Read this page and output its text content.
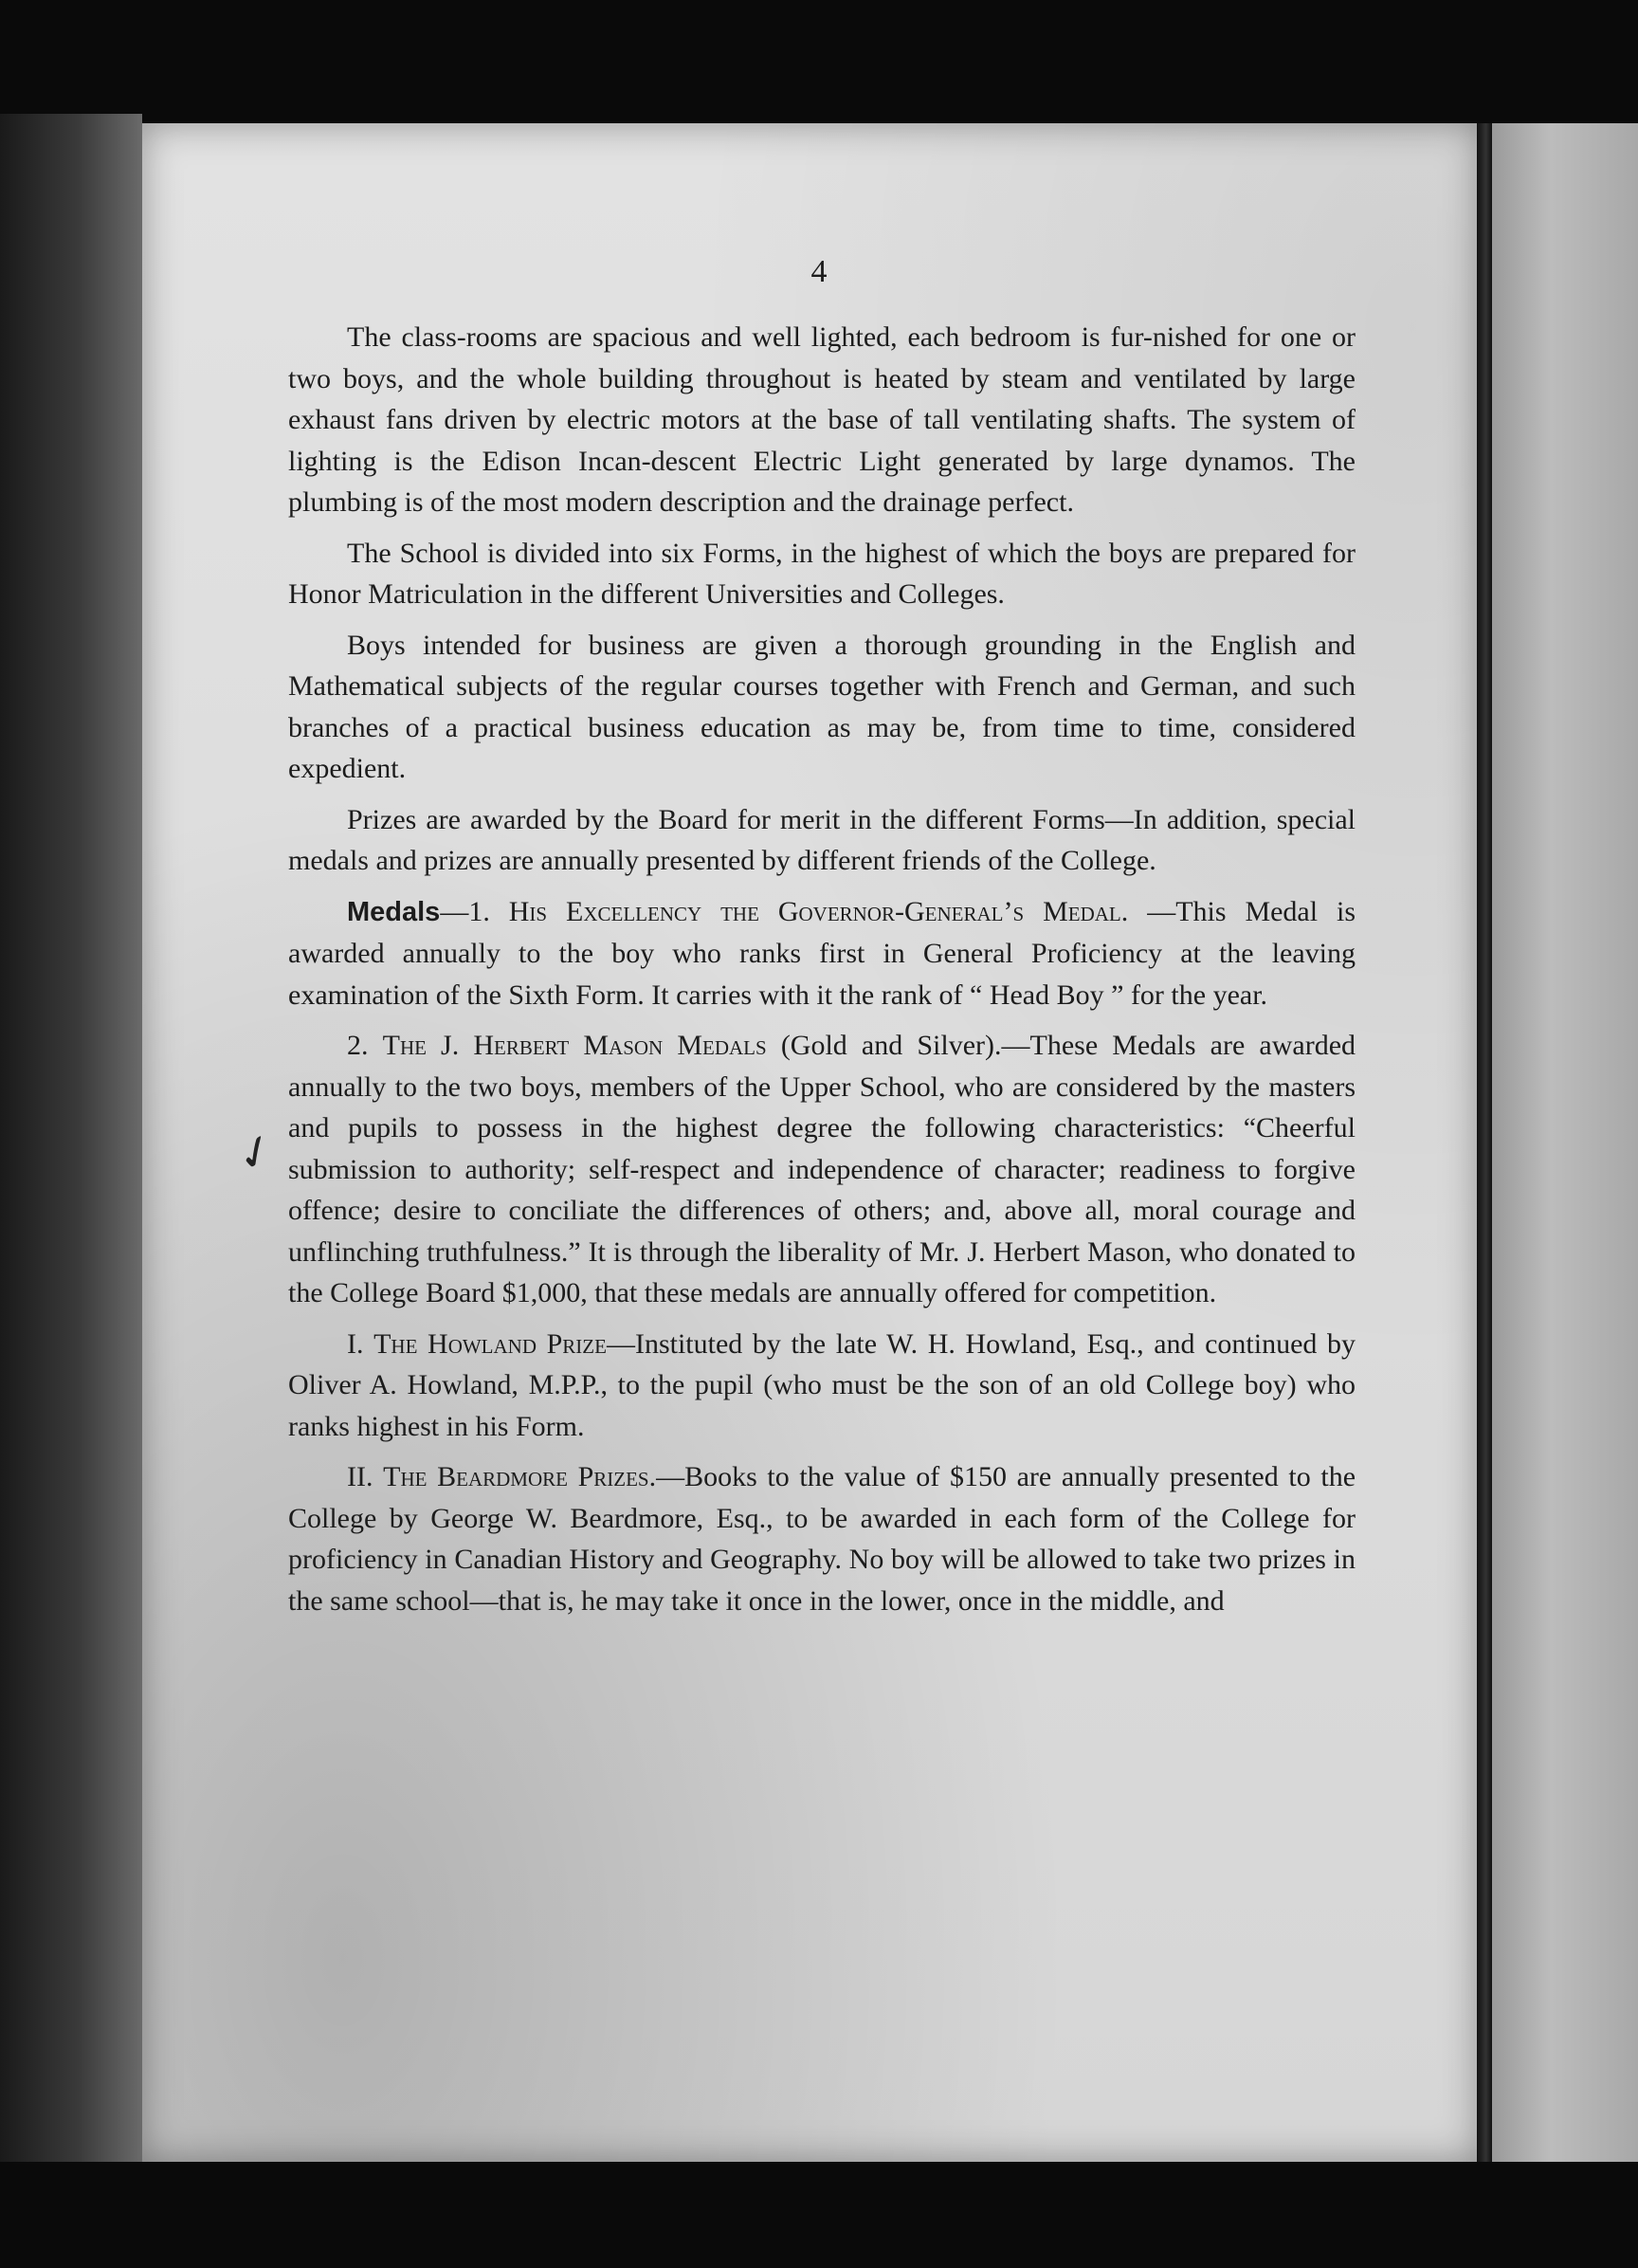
4
✓

The class-rooms are spacious and well lighted, each bedroom is fur-nished for one or two boys, and the whole building throughout is heated by steam and ventilated by large exhaust fans driven by electric motors at the base of tall ventilating shafts. The system of lighting is the Edison Incan-descent Electric Light generated by large dynamos. The plumbing is of the most modern description and the drainage perfect.

The School is divided into six Forms, in the highest of which the boys are prepared for Honor Matriculation in the different Universities and Colleges.

Boys intended for business are given a thorough grounding in the English and Mathematical subjects of the regular courses together with French and German, and such branches of a practical business education as may be, from time to time, considered expedient.

Prizes are awarded by the Board for merit in the different Forms—In addition, special medals and prizes are annually presented by different friends of the College.

Medals—1. His Excellency the Governor-General’s Medal. —This Medal is awarded annually to the boy who ranks first in General Proficiency at the leaving examination of the Sixth Form. It carries with it the rank of “ Head Boy ” for the year.

2. The J. Herbert Mason Medals (Gold and Silver).—These Medals are awarded annually to the two boys, members of the Upper School, who are considered by the masters and pupils to possess in the highest degree the following characteristics: “Cheerful submission to authority; self-respect and independence of character; readiness to forgive offence; desire to conciliate the differences of others; and, above all, moral courage and unflinching truthfulness.” It is through the liberality of Mr. J. Herbert Mason, who donated to the College Board $1,000, that these medals are annually offered for competition.

I. The Howland Prize—Instituted by the late W. H. Howland, Esq., and continued by Oliver A. Howland, M.P.P., to the pupil (who must be the son of an old College boy) who ranks highest in his Form.

II. The Beardmore Prizes.—Books to the value of $150 are annually presented to the College by George W. Beardmore, Esq., to be awarded in each form of the College for proficiency in Canadian History and Geography. No boy will be allowed to take two prizes in the same school—that is, he may take it once in the lower, once in the middle, and
